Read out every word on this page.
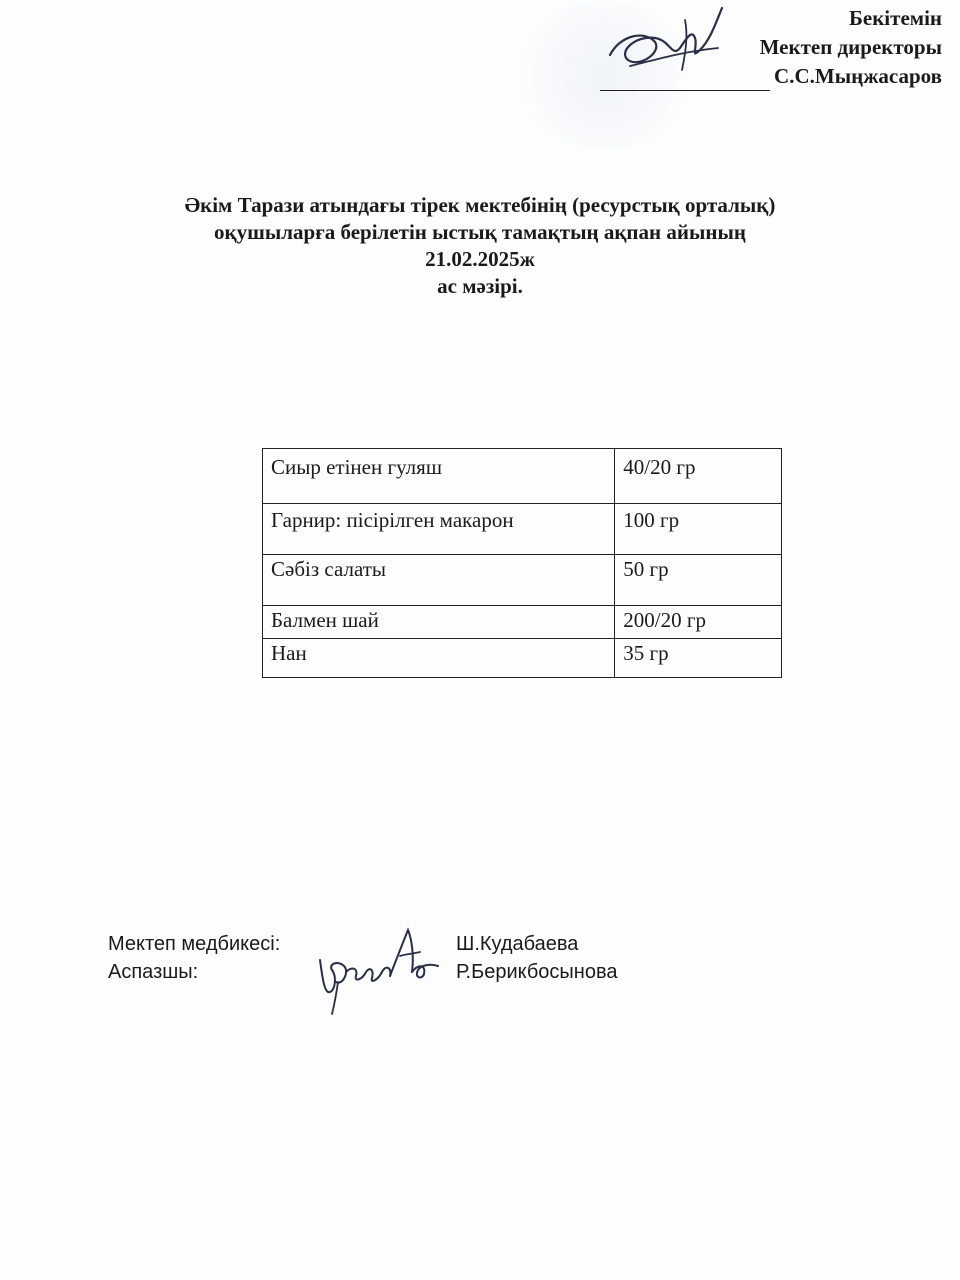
Бекітемін
Мектеп директоры
С.С.Мыңжасаров
Әкім Тарази атындағы тірек мектебінің (ресурстық орталық)
оқушыларға берілетін ыстық тамақтың ақпан айының
21.02.2025ж
ас мәзірі.
Сиыр етінен гуляш	40/20 гр
Гарнир: пісірілген макарон	100 гр
Сәбіз салаты	50 гр
Балмен шай	200/20 гр
Нан	35 гр
Мектеп медбикесі:
Аспазшы:
Ш.Кудабаева
Р.Берикбосынова
